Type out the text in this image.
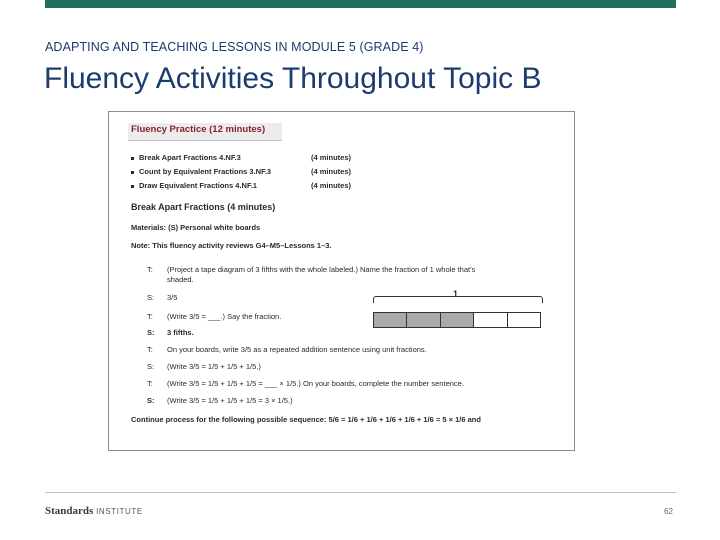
ADAPTING AND TEACHING LESSONS IN MODULE 5 (GRADE 4)
Fluency Activities Throughout Topic B
Fluency Practice (12 minutes)
Break Apart Fractions 4.NF.3	(4 minutes)
Count by Equivalent Fractions 3.NF.3	(4 minutes)
Draw Equivalent Fractions 4.NF.1	(4 minutes)
Break Apart Fractions (4 minutes)
Materials: (S) Personal white boards
Note: This fluency activity reviews G4–M5–Lessons 1–3.
T: (Project a tape diagram of 3 fifths with the whole labeled.) Name the fraction of 1 whole that's
shaded.
S: 3/5
T: (Write 3/5 = ___.) Say the fraction.
S: 3 fifths.
T: On your boards, write 3/5 as a repeated addition sentence using unit fractions.
S: (Write 3/5 = 1/5 + 1/5 + 1/5.)
T: (Write 3/5 = 1/5 + 1/5 + 1/5 = ___ × 1/5.) On your boards, complete the number sentence.
S: (Write 3/5 = 1/5 + 1/5 + 1/5 = 3 × 1/5.)
Continue process for the following possible sequence: 5/6 = 1/6 + 1/6 + 1/6 + 1/6 + 1/6 = 5 × 1/6 and
1
Standards INSTITUTE	62
